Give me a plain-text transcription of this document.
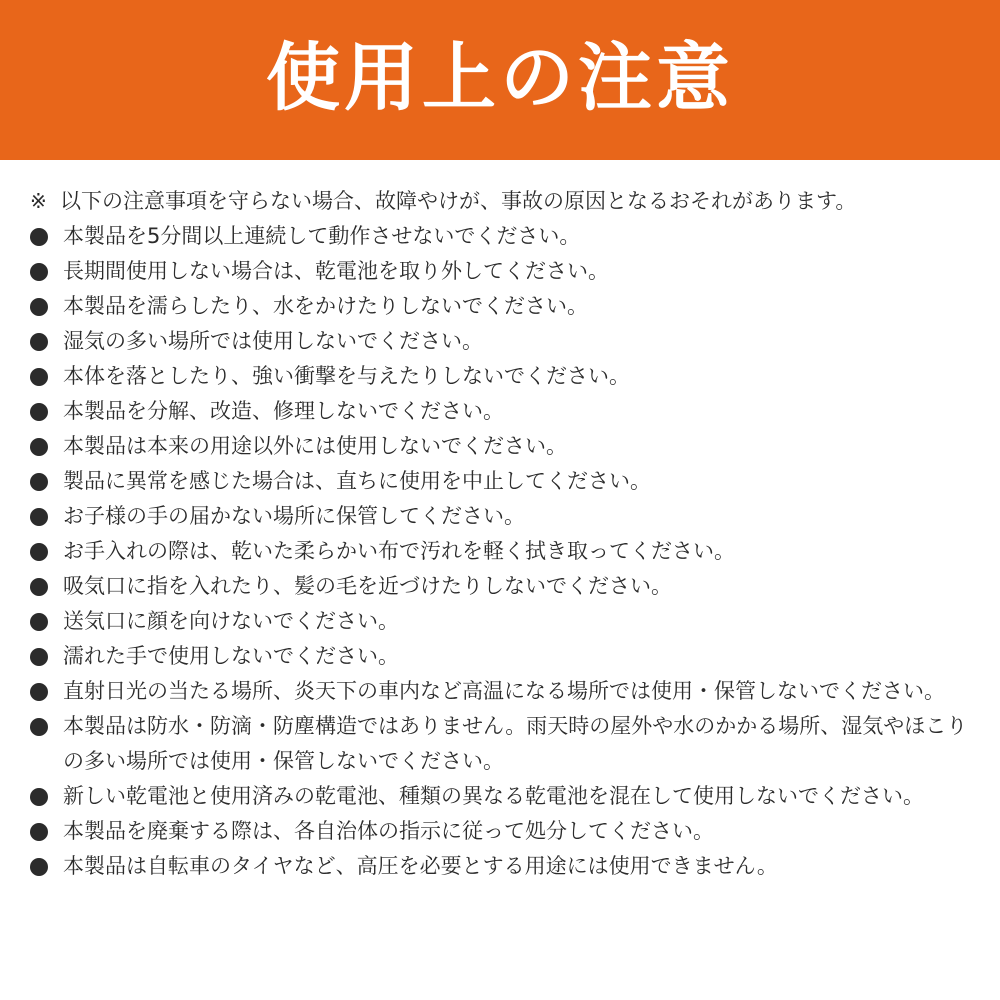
使用上の注意
※ 以下の注意事項を守らない場合、故障やけが、事故の原因となるおそれがあります。
本製品を5分間以上連続して動作させないでください。
長期間使用しない場合は、乾電池を取り外してください。
本製品を濡らしたり、水をかけたりしないでください。
湿気の多い場所では使用しないでください。
本体を落としたり、強い衝撃を与えたりしないでください。
本製品を分解、改造、修理しないでください。
本製品は本来の用途以外には使用しないでください。
製品に異常を感じた場合は、直ちに使用を中止してください。
お子様の手の届かない場所に保管してください。
お手入れの際は、乾いた柔らかい布で汚れを軽く拭き取ってください。
吸気口に指を入れたり、髪の毛を近づけたりしないでください。
送気口に顔を向けないでください。
濡れた手で使用しないでください。
直射日光の当たる場所、炎天下の車内など高温になる場所では使用・保管しないでください。
本製品は防水・防滴・防塵構造ではありません。雨天時の屋外や水のかかる場所、湿気やほこりの多い場所では使用・保管しないでください。
新しい乾電池と使用済みの乾電池、種類の異なる乾電池を混在して使用しないでください。
本製品を廃棄する際は、各自治体の指示に従って処分してください。
本製品は自転車のタイヤなど、高圧を必要とする用途には使用できません。
